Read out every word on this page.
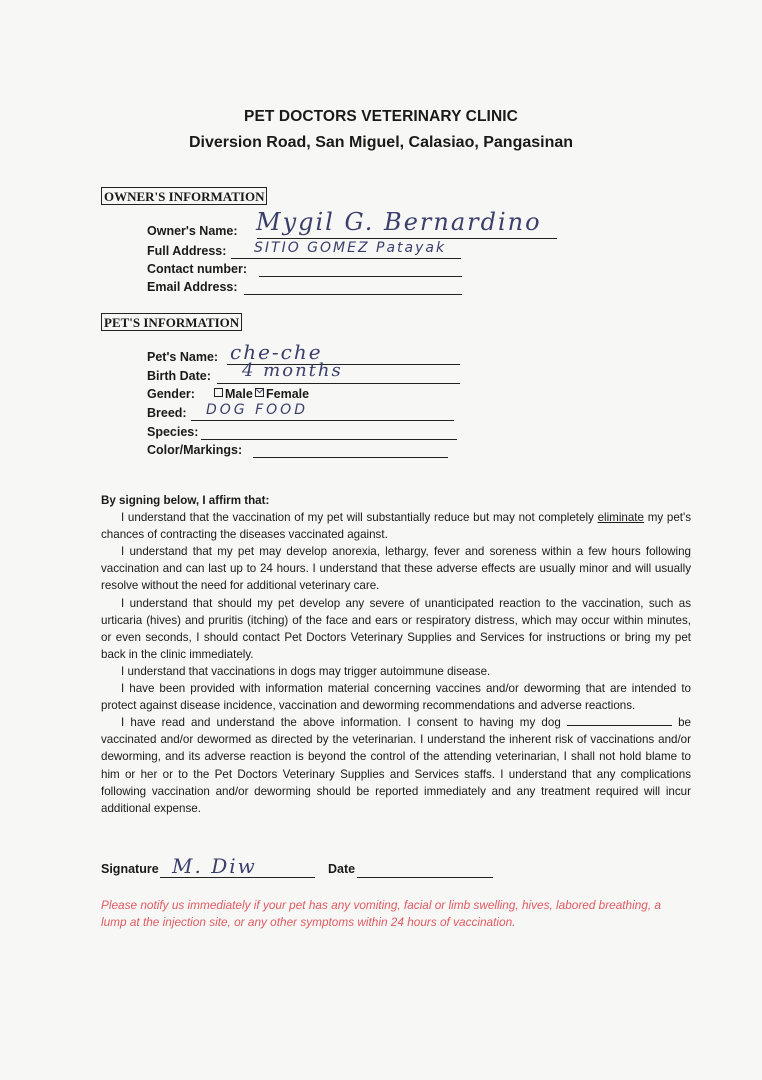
PET DOCTORS VETERINARY CLINIC
Diversion Road, San Miguel, Calasiao, Pangasinan
OWNER'S INFORMATION
Owner's Name: Mygil G. Bernardino
Full Address: SITIO GOMEZ Patayak
Contact number:
Email Address:
PET'S INFORMATION
Pet's Name: che-che
Birth Date: 4 months
Gender:	Male	Female
Breed: DOG FOOD
Species:
Color/Markings:

By signing below, I affirm that:

I understand that the vaccination of my pet will substantially reduce but may not completely eliminate my pet's chances of contracting the diseases vaccinated against.

I understand that my pet may develop anorexia, lethargy, fever and soreness within a few hours following vaccination and can last up to 24 hours. I understand that these adverse effects are usually minor and will usually resolve without the need for additional veterinary care.

I understand that should my pet develop any severe of unanticipated reaction to the vaccination, such as urticaria (hives) and pruritis (itching) of the face and ears or respiratory distress, which may occur within minutes, or even seconds, I should contact Pet Doctors Veterinary Supplies and Services for instructions or bring my pet back in the clinic immediately.

I understand that vaccinations in dogs may trigger autoimmune disease.

I have been provided with information material concerning vaccines and/or deworming that are intended to protect against disease incidence, vaccination and deworming recommendations and adverse reactions.

I have read and understand the above information. I consent to having my dog	be vaccinated and/or dewormed as directed by the veterinarian. I understand the inherent risk of vaccinations and/or deworming, and its adverse reaction is beyond the control of the attending veterinarian, I shall not hold blame to him or her or to the Pet Doctors Veterinary Supplies and Services staffs. I understand that any complications following vaccination and/or deworming should be reported immediately and any treatment required will incur additional expense.

Signature M. Diw	Date
Please notify us immediately if your pet has any vomiting, facial or limb swelling, hives, labored breathing, a lump at the injection site, or any other symptoms within 24 hours of vaccination.
